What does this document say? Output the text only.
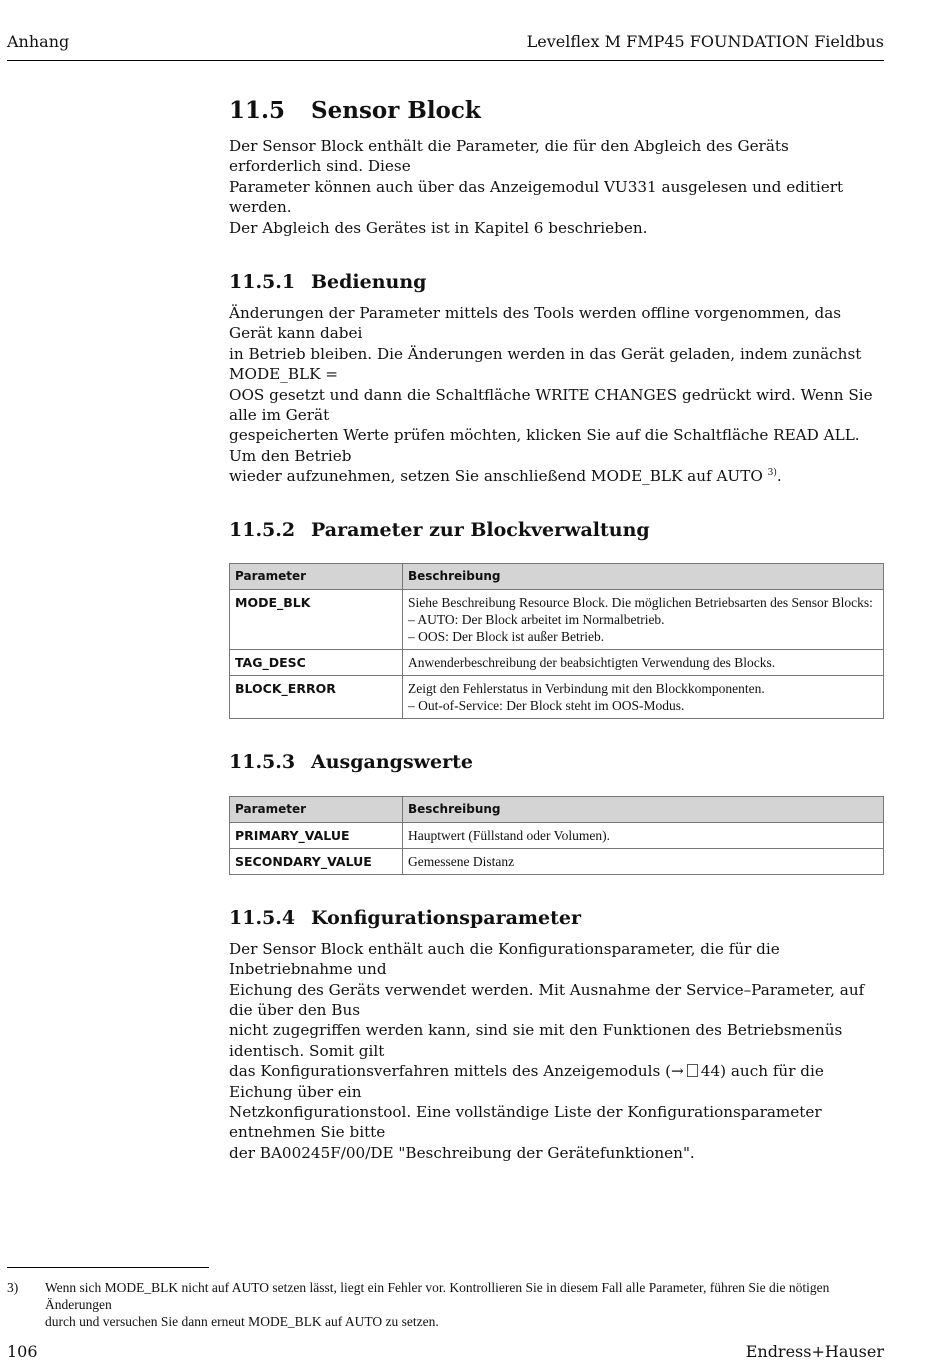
Anhang	Levelflex M FMP45 FOUNDATION Fieldbus
11.5 Sensor Block

Der Sensor Block enthält die Parameter, die für den Abgleich des Geräts erforderlich sind. Diese
Parameter können auch über das Anzeigemodul VU331 ausgelesen und editiert werden.
Der Abgleich des Gerätes ist in Kapitel 6 beschrieben.

11.5.1 Bedienung

Änderungen der Parameter mittels des Tools werden offline vorgenommen, das Gerät kann dabei
in Betrieb bleiben. Die Änderungen werden in das Gerät geladen, indem zunächst MODE_BLK =
OOS gesetzt und dann die Schaltfläche WRITE CHANGES gedrückt wird. Wenn Sie alle im Gerät
gespeicherten Werte prüfen möchten, klicken Sie auf die Schaltfläche READ ALL. Um den Betrieb
wieder aufzunehmen, setzen Sie anschließend MODE_BLK auf AUTO $^{3)}$.

11.5.2 Parameter zur Blockverwaltung
Parameter	Beschreibung
MODE_BLK	Siehe Beschreibung Resource Block. Die möglichen Betriebsarten des Sensor Blocks:
– AUTO: Der Block arbeitet im Normalbetrieb.
– OOS: Der Block ist außer Betrieb.

TAG_DESC	Anwenderbeschreibung der beabsichtigten Verwendung des Blocks.

BLOCK_ERROR	Zeigt den Fehlerstatus in Verbindung mit den Blockkomponenten.
– Out-of-Service: Der Block steht im OOS-Modus.
11.5.3 Ausgangswerte
Parameter	Beschreibung
PRIMARY_VALUE	Hauptwert (Füllstand oder Volumen).
SECONDARY_VALUE	Gemessene Distanz
11.5.4 Konfigurationsparameter

Der Sensor Block enthält auch die Konfigurationsparameter, die für die Inbetriebnahme und
Eichung des Geräts verwendet werden. Mit Ausnahme der Service–Parameter, auf die über den Bus
nicht zugegriffen werden kann, sind sie mit den Funktionen des Betriebsmenüs identisch. Somit gilt
das Konfigurationsverfahren mittels des Anzeigemoduls (→ 44) auch für die Eichung über ein
Netzkonfigurationstool. Eine vollständige Liste der Konfigurationsparameter entnehmen Sie bitte
der BA00245F/00/DE "Beschreibung der Gerätefunktionen".

3) Wenn sich MODE_BLK nicht auf AUTO setzen lässt, liegt ein Fehler vor. Kontrollieren Sie in diesem Fall alle Parameter, führen Sie die nötigen Änderungen
durch und versuchen Sie dann erneut MODE_BLK auf AUTO zu setzen.
106	Endress+Hauser
